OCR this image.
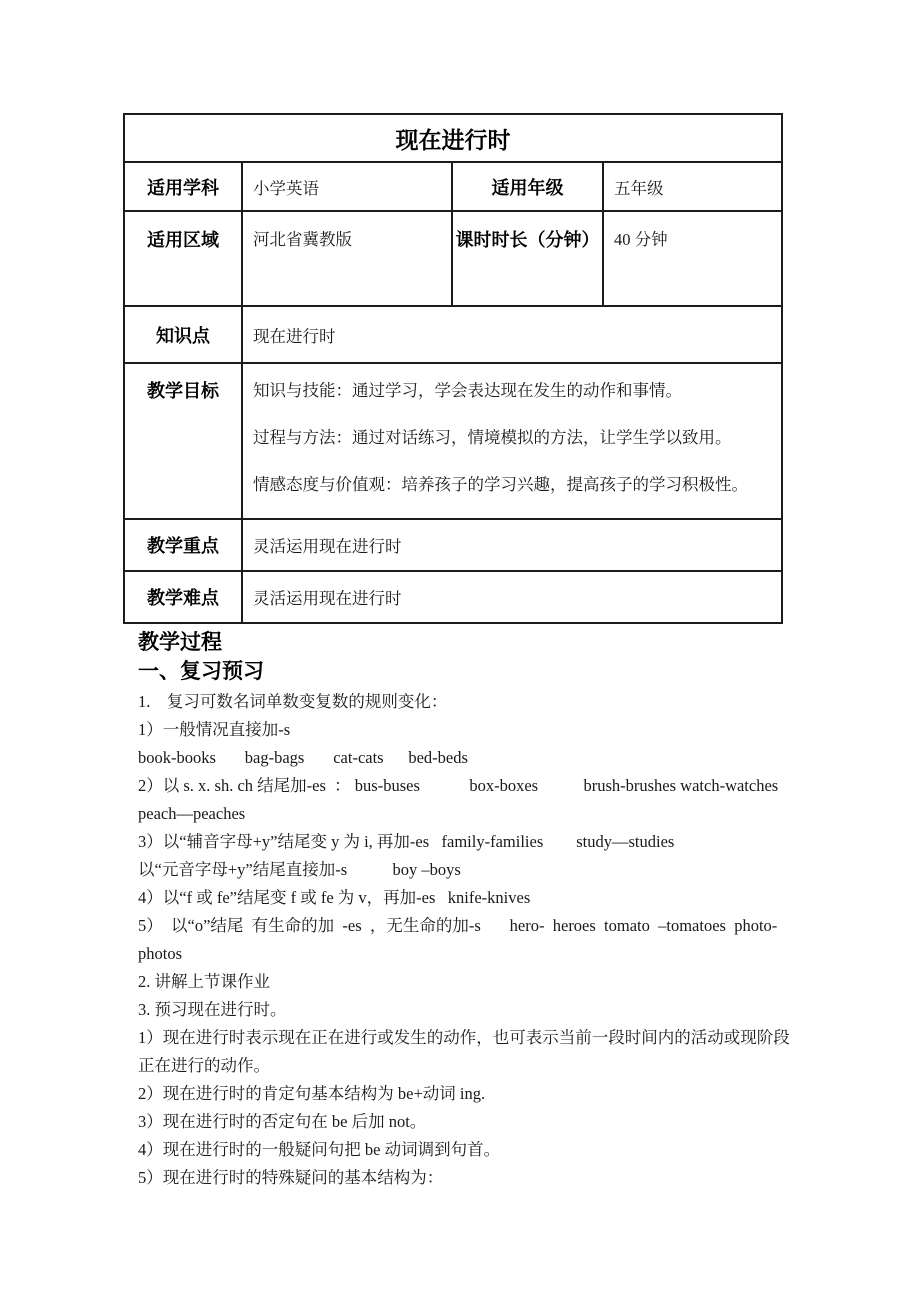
现在进行时			
适用学科	小学英语	适用年级	五年级
适用区域	河北省冀教版	课时时长（分钟）	40 分钟
知识点	现在进行时		
教学目标	知识与技能：通过学习，学会表达现在发生的动作和事情。

过程与方法：通过对话练习，情境模拟的方法，让学生学以致用。

情感态度与价值观：培养孩子的学习兴趣，提高孩子的学习积极性。		

教学重点	灵活运用现在进行时		
教学难点	灵活运用现在进行时		
教学过程
一、复习预习
1.    复习可数名词单数变复数的规则变化：
1）一般情况直接加-s
book-books       bag-bags       cat-cats      bed-beds
2）以 s. x. sh. ch 结尾加-es  ： bus-buses            box-boxes           brush-brushes watch-watches
peach—peaches
3）以“辅音字母+y”结尾变 y 为 i, 再加-es   family-families        study—studies
以“元音字母+y”结尾直接加-s           boy –boys
4）以“f 或 fe”结尾变 f 或 fe 为 v，再加-es   knife-knives
5）  以“o”结尾  有生命的加  -es  ，无生命的加-s       hero-  heroes  tomato  –tomatoes  photo-
photos
2. 讲解上节课作业
3. 预习现在进行时。
1）现在进行时表示现在正在进行或发生的动作，也可表示当前一段时间内的活动或现阶段
正在进行的动作。
2）现在进行时的肯定句基本结构为 be+动词 ing.
3）现在进行时的否定句在 be 后加 not。
4）现在进行时的一般疑问句把 be 动词调到句首。
5）现在进行时的特殊疑问的基本结构为：
